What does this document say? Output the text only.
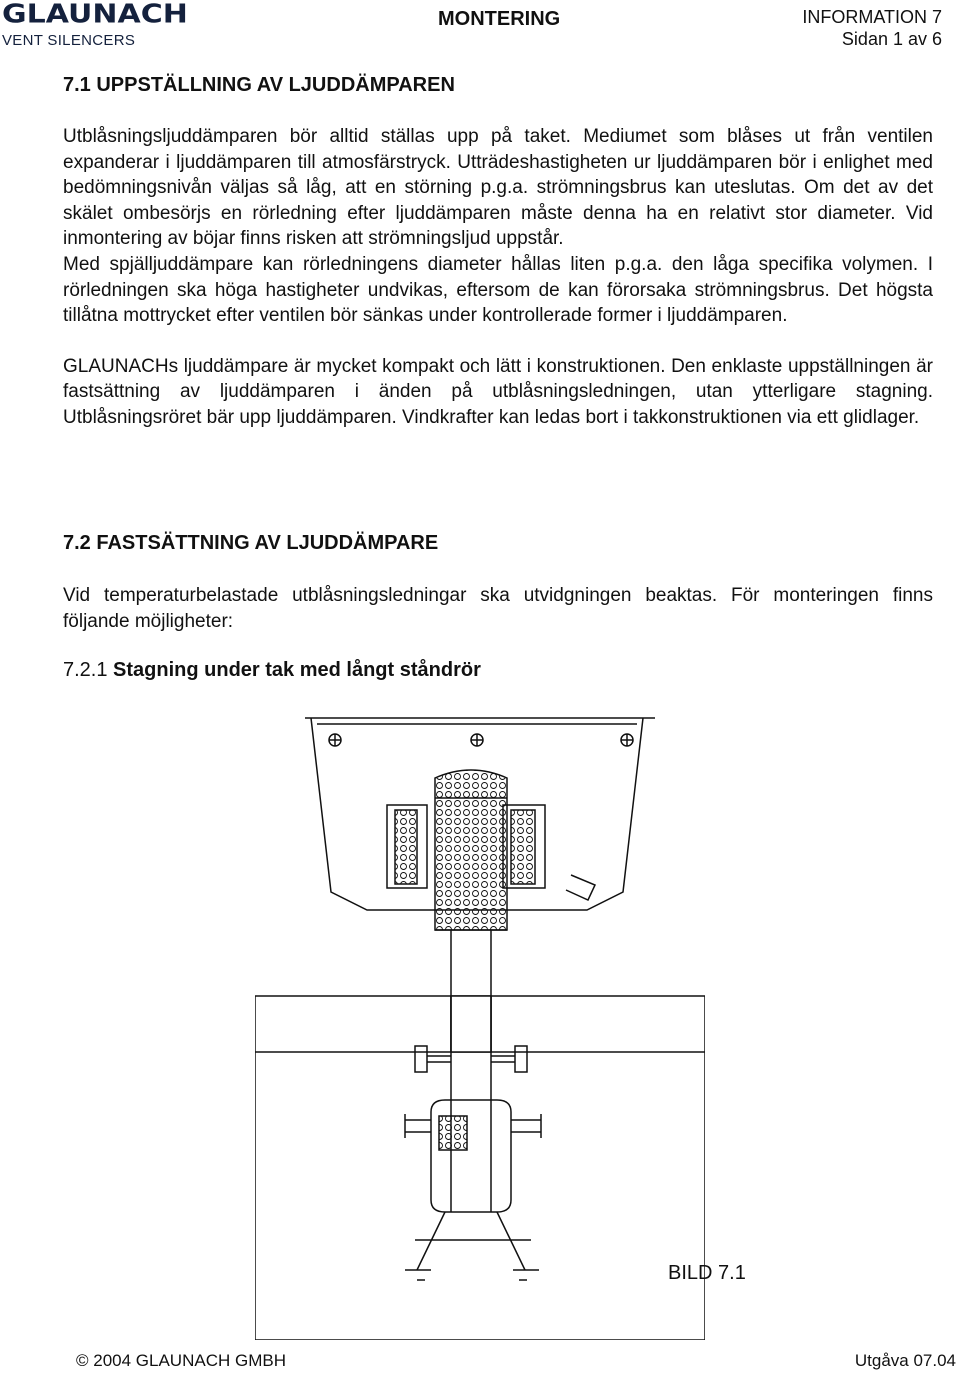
GLAUNACH
VENT SILENCERS
MONTERING	INFORMATION 7
Sidan 1 av 6
7.1 UPPSTÄLLNING AV LJUDDÄMPAREN

Utblåsningsljuddämparen bör alltid ställas upp på taket. Mediumet som blåses ut från ventilen expanderar i ljuddämparen till atmosfärstryck. Utträdeshastigheten ur ljuddämparen bör i enlighet med bedömningsnivån väljas så låg, att en störning p.g.a. strömningsbrus kan uteslutas. Om det av det skälet ombesörjs en rörledning efter ljuddämparen måste denna ha en relativt stor diameter. Vid inmontering av böjar finns risken att strömningsljud uppstår.

Med spjälljuddämpare kan rörledningens diameter hållas liten p.g.a. den låga specifika volymen. I rörledningen ska höga hastigheter undvikas, eftersom de kan förorsaka strömningsbrus. Det högsta tillåtna mottrycket efter ventilen bör sänkas under kontrollerade former i ljuddämparen.

GLAUNACHs ljuddämpare är mycket kompakt och lätt i konstruktionen. Den enklaste uppställningen är fastsättning av ljuddämparen i änden på utblåsningsledningen, utan ytterligare stagning. Utblåsningsröret bär upp ljuddämparen. Vindkrafter kan ledas bort i takkonstruktionen via ett glidlager.

7.2 FASTSÄTTNING AV LJUDDÄMPARE

Vid temperaturbelastade utblåsningsledningar ska utvidgningen beaktas. För monteringen finns följande möjligheter:

7.2.1 Stagning under tak med långt ståndrör
BILD 7.1
© 2004 GLAUNACH GMBH	Utgåva 07.04
